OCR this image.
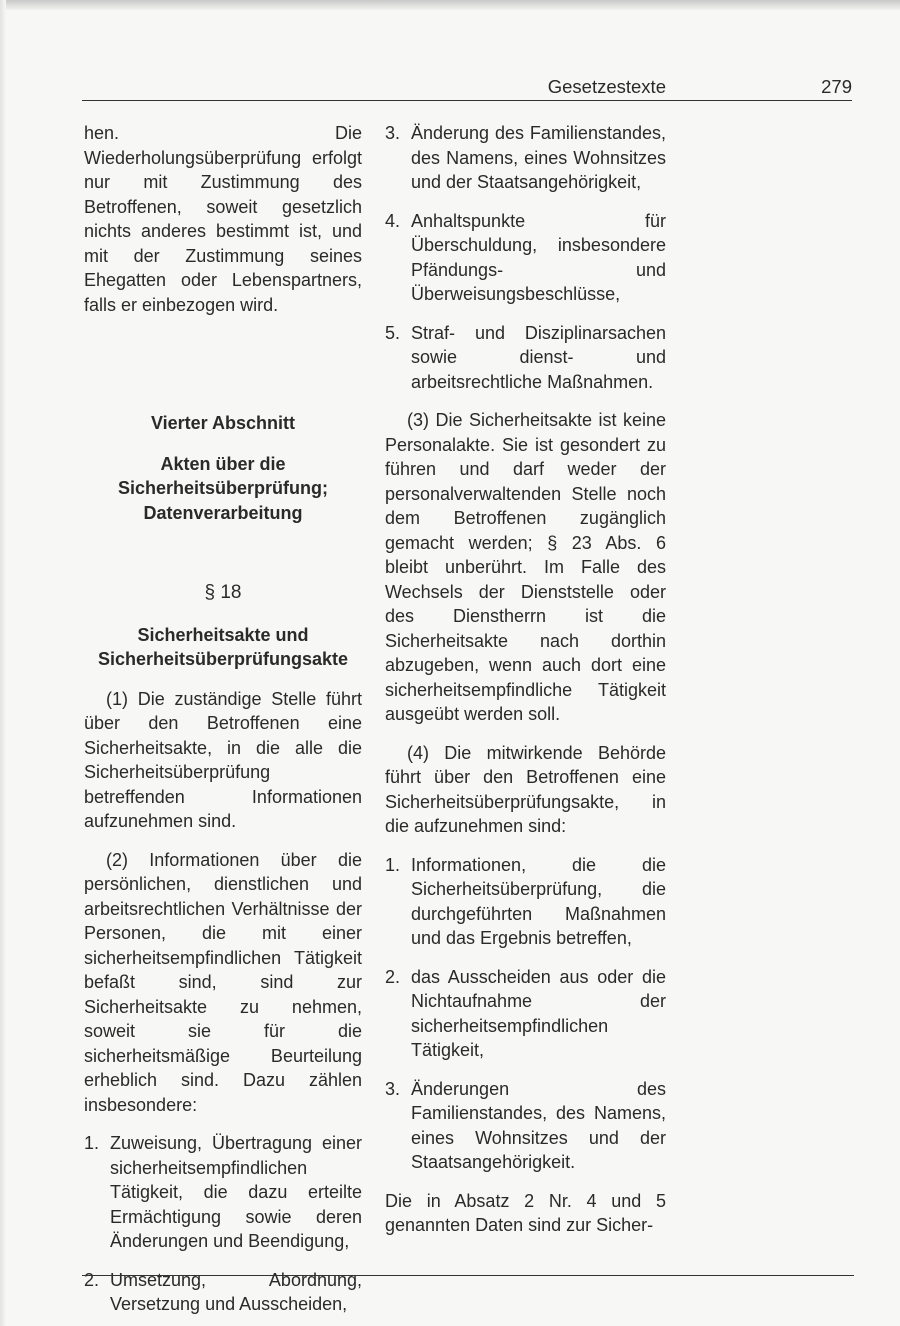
Gesetzestexte	279

hen. Die Wiederholungsüberprüfung erfolgt nur mit Zustimmung des Betroffenen, soweit gesetzlich nichts anderes bestimmt ist, und mit der Zustimmung seines Ehegatten oder Lebenspartners, falls er einbezogen wird.

Vierter Abschnitt

Akten über die Sicherheitsüberprüfung; Datenverarbeitung

§ 18

Sicherheitsakte und Sicherheitsüberprüfungsakte

(1) Die zuständige Stelle führt über den Betroffenen eine Sicherheitsakte, in die alle die Sicherheitsüberprüfung betreffenden Informationen aufzunehmen sind.

(2) Informationen über die persönlichen, dienstlichen und arbeitsrechtlichen Verhältnisse der Personen, die mit einer sicherheitsempfindlichen Tätigkeit befaßt sind, sind zur Sicherheitsakte zu nehmen, soweit sie für die sicherheitsmäßige Beurteilung erheblich sind. Dazu zählen insbesondere:

1. Zuweisung, Übertragung einer sicherheitsempfindlichen Tätigkeit, die dazu erteilte Ermächtigung sowie deren Änderungen und Beendigung,
2. Umsetzung, Abordnung, Versetzung und Ausscheiden,
3. Änderung des Familienstandes, des Namens, eines Wohnsitzes und der Staatsangehörigkeit,
4. Anhaltspunkte für Überschuldung, insbesondere Pfändungs- und Überweisungsbeschlüsse,
5. Straf- und Disziplinarsachen sowie dienst- und arbeitsrechtliche Maßnahmen.

(3) Die Sicherheitsakte ist keine Personalakte. Sie ist gesondert zu führen und darf weder der personalverwaltenden Stelle noch dem Betroffenen zugänglich gemacht werden; § 23 Abs. 6 bleibt unberührt. Im Falle des Wechsels der Dienststelle oder des Dienstherrn ist die Sicherheitsakte nach dorthin abzugeben, wenn auch dort eine sicherheitsempfindliche Tätigkeit ausgeübt werden soll.

(4) Die mitwirkende Behörde führt über den Betroffenen eine Sicherheitsüberprüfungsakte, in die aufzunehmen sind:

1. Informationen, die die Sicherheitsüberprüfung, die durchgeführten Maßnahmen und das Ergebnis betreffen,
2. das Ausscheiden aus oder die Nichtaufnahme der sicherheitsempfindlichen Tätigkeit,
3. Änderungen des Familienstandes, des Namens, eines Wohnsitzes und der Staatsangehörigkeit.

Die in Absatz 2 Nr. 4 und 5 genannten Daten sind zur Sicher-
